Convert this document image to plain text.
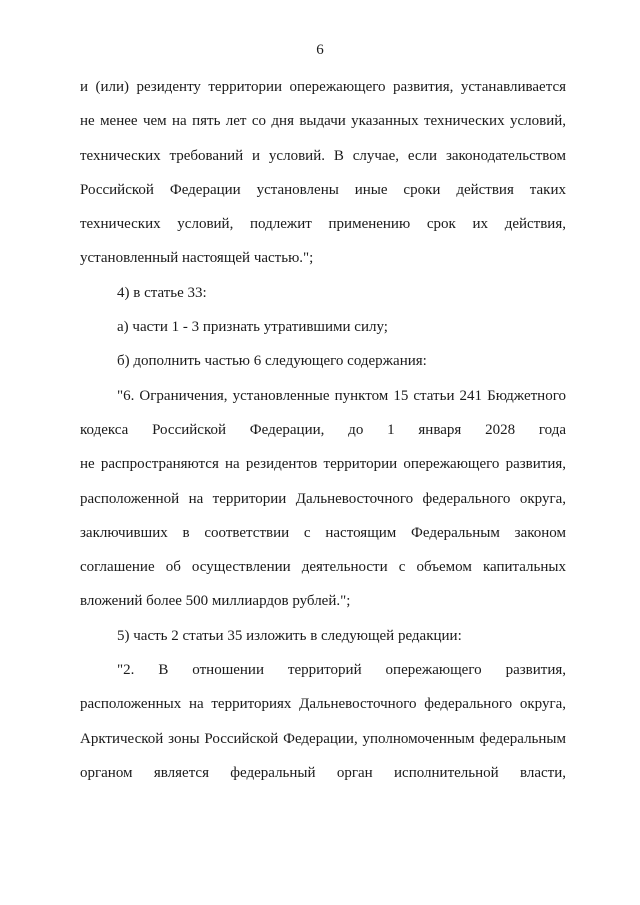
6
и (или) резиденту территории опережающего развития, устанавливается
не менее чем на пять лет со дня выдачи указанных технических условий,
технических требований и условий. В случае, если законодательством
Российской Федерации установлены иные сроки действия таких
технических условий, подлежит применению срок их действия,
установленный настоящей частью.";
4) в статье 33:
а) части 1 - 3 признать утратившими силу;
б) дополнить частью 6 следующего содержания:
"6. Ограничения, установленные пунктом 15 статьи 241 Бюджетного
кодекса Российской Федерации, до 1 января 2028 года
не распространяются на резидентов территории опережающего развития,
расположенной на территории Дальневосточного федерального округа,
заключивших в соответствии с настоящим Федеральным законом
соглашение об осуществлении деятельности с объемом капитальных
вложений более 500 миллиардов рублей.";
5) часть 2 статьи 35 изложить в следующей редакции:
"2. В отношении территорий опережающего развития,
расположенных на территориях Дальневосточного федерального округа,
Арктической зоны Российской Федерации, уполномоченным федеральным
органом является федеральный орган исполнительной власти,
